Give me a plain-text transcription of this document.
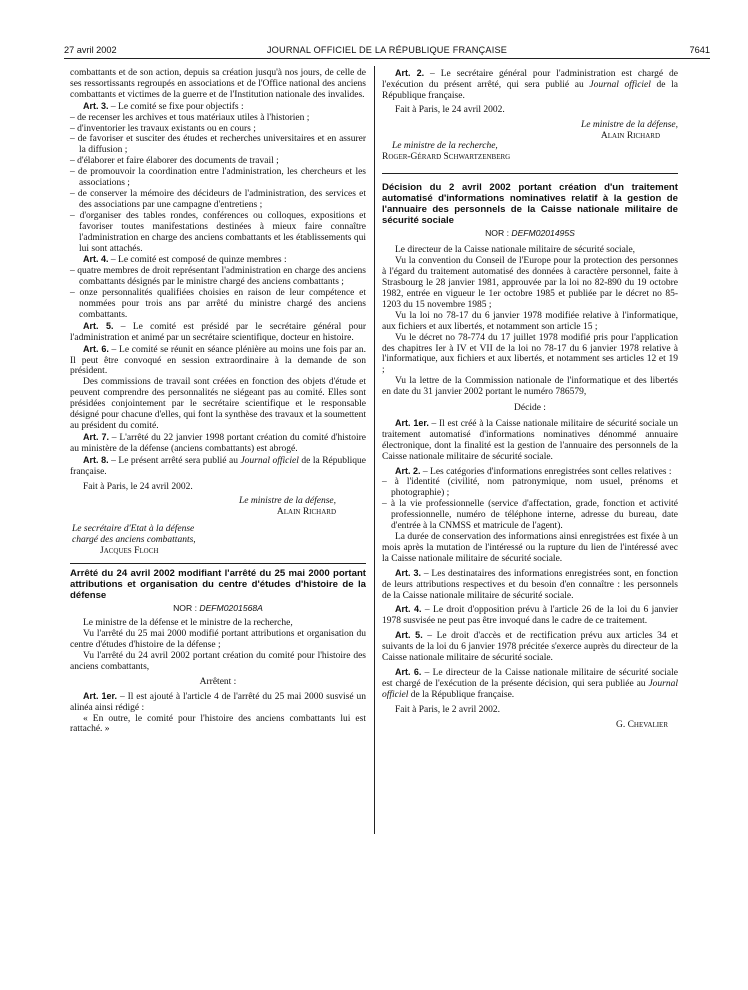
27 avril 2002	JOURNAL OFFICIEL DE LA RÉPUBLIQUE FRANÇAISE	7641

combattants et de son action, depuis sa création jusqu'à nos jours, de celle de ses ressortissants regroupés en associations et de l'Office national des anciens combattants et victimes de la guerre et de l'Institution nationale des invalides.

Art. 3. – Le comité se fixe pour objectifs :

– de recenser les archives et tous matériaux utiles à l'historien ;
– d'inventorier les travaux existants ou en cours ;
– de favoriser et susciter des études et recherches universitaires et en assurer la diffusion ;
– d'élaborer et faire élaborer des documents de travail ;
– de promouvoir la coordination entre l'administration, les chercheurs et les associations ;
– de conserver la mémoire des décideurs de l'administration, des services et des associations par une campagne d'entretiens ;
– d'organiser des tables rondes, conférences ou colloques, expositions et favoriser toutes manifestations destinées à mieux faire connaître l'administration en charge des anciens combattants et les établissements qui lui sont attachés.

Art. 4. – Le comité est composé de quinze membres :

– quatre membres de droit représentant l'administration en charge des anciens combattants désignés par le ministre chargé des anciens combattants ;
– onze personnalités qualifiées choisies en raison de leur compétence et nommées pour trois ans par arrêté du ministre chargé des anciens combattants.

Art. 5. – Le comité est présidé par le secrétaire général pour l'administration et animé par un secrétaire scientifique, docteur en histoire.

Art. 6. – Le comité se réunit en séance plénière au moins une fois par an. Il peut être convoqué en session extraordinaire à la demande de son président.

Des commissions de travail sont créées en fonction des objets d'étude et peuvent comprendre des personnalités ne siégeant pas au comité. Elles sont présidées conjointement par le secrétaire scientifique et le responsable désigné pour chacune d'elles, qui font la synthèse des travaux et la soumettent au président du comité.

Art. 7. – L'arrêté du 22 janvier 1998 portant création du comité d'histoire au ministère de la défense (anciens combattants) est abrogé.

Art. 8. – Le présent arrêté sera publié au Journal officiel de la République française.

Fait à Paris, le 24 avril 2002.

Le ministre de la défense,

Alain Richard

Le secrétaire d'Etat à la défense

chargé des anciens combattants,

Jacques Floch

Arrêté du 24 avril 2002 modifiant l'arrêté du 25 mai 2000 portant attributions et organisation du centre d'études d'histoire de la défense

NOR : DEFM0201568A

Le ministre de la défense et le ministre de la recherche,

Vu l'arrêté du 25 mai 2000 modifié portant attributions et organisation du centre d'études d'histoire de la défense ;

Vu l'arrêté du 24 avril 2002 portant création du comité pour l'histoire des anciens combattants,

Arrêtent :

Art. 1er. – Il est ajouté à l'article 4 de l'arrêté du 25 mai 2000 susvisé un alinéa ainsi rédigé :

« En outre, le comité pour l'histoire des anciens combattants lui est rattaché. »

Art. 2. – Le secrétaire général pour l'administration est chargé de l'exécution du présent arrêté, qui sera publié au Journal officiel de la République française.

Fait à Paris, le 24 avril 2002.

Le ministre de la défense,

Alain Richard

Le ministre de la recherche,

Roger-Gérard Schwartzenberg

Décision du 2 avril 2002 portant création d'un traitement automatisé d'informations nominatives relatif à la gestion de l'annuaire des personnels de la Caisse nationale militaire de sécurité sociale

NOR : DEFM0201495S

Le directeur de la Caisse nationale militaire de sécurité sociale,

Vu la convention du Conseil de l'Europe pour la protection des personnes à l'égard du traitement automatisé des données à caractère personnel, faite à Strasbourg le 28 janvier 1981, approuvée par la loi no 82-890 du 19 octobre 1982, entrée en vigueur le 1er octobre 1985 et publiée par le décret no 85-1203 du 15 novembre 1985 ;

Vu la loi no 78-17 du 6 janvier 1978 modifiée relative à l'informatique, aux fichiers et aux libertés, et notamment son article 15 ;

Vu le décret no 78-774 du 17 juillet 1978 modifié pris pour l'application des chapitres Ier à IV et VII de la loi no 78-17 du 6 janvier 1978 relative à l'informatique, aux fichiers et aux libertés, et notamment ses articles 12 et 19 ;

Vu la lettre de la Commission nationale de l'informatique et des libertés en date du 31 janvier 2002 portant le numéro 786579,

Décide :

Art. 1er. – Il est créé à la Caisse nationale militaire de sécurité sociale un traitement automatisé d'informations nominatives dénommé annuaire électronique, dont la finalité est la gestion de l'annuaire des personnels de la Caisse nationale militaire de sécurité sociale.

Art. 2. – Les catégories d'informations enregistrées sont celles relatives :

– à l'identité (civilité, nom patronymique, nom usuel, prénoms et photographie) ;
– à la vie professionnelle (service d'affectation, grade, fonction et activité professionnelle, numéro de téléphone interne, adresse du bureau, date d'entrée à la CNMSS et matricule de l'agent).

La durée de conservation des informations ainsi enregistrées est fixée à un mois après la mutation de l'intéressé ou la rupture du lien de l'intéressé avec la Caisse nationale militaire de sécurité sociale.

Art. 3. – Les destinataires des informations enregistrées sont, en fonction de leurs attributions respectives et du besoin d'en connaître : les personnels de la Caisse nationale militaire de sécurité sociale.

Art. 4. – Le droit d'opposition prévu à l'article 26 de la loi du 6 janvier 1978 susvisée ne peut pas être invoqué dans le cadre de ce traitement.

Art. 5. – Le droit d'accès et de rectification prévu aux articles 34 et suivants de la loi du 6 janvier 1978 précitée s'exerce auprès du directeur de la Caisse nationale militaire de sécurité sociale.

Art. 6. – Le directeur de la Caisse nationale militaire de sécurité sociale est chargé de l'exécution de la présente décision, qui sera publiée au Journal officiel de la République française.

Fait à Paris, le 2 avril 2002.

G. Chevalier
